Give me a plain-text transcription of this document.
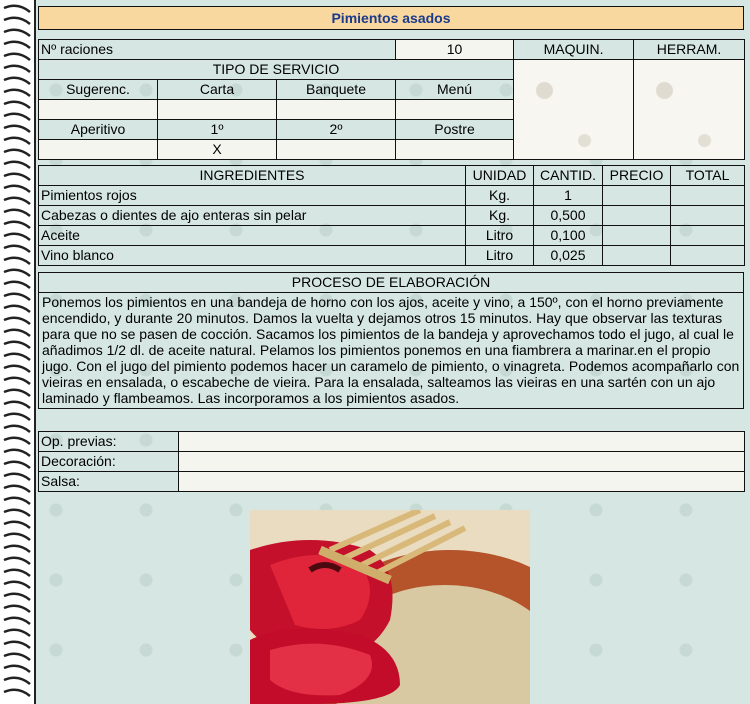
Pimientos asados
Nº raciones			10	MAQUIN.	HERRAM.
TIPO DE SERVICIO					
Sugerenc.	Carta	Banquete	Menú		

Aperitivo	1º	2º	Postre		
	X				
INGREDIENTES	UNIDAD	CANTID.	PRECIO	TOTAL
Pimientos rojos	Kg.	1		
Cabezas o dientes de ajo enteras sin pelar	Kg.	0,500		
Aceite	Litro	0,100		
Vino blanco	Litro	0,025		
PROCESO DE ELABORACIÓN
Ponemos los pimientos en una bandeja de horno con los ajos, aceite y vino, a 150º, con el horno previamente encendido, y durante 20 minutos. Damos la vuelta y dejamos otros 15 minutos. Hay que observar las texturas para que no se pasen de cocción. Sacamos los pimientos de la bandeja y aprovechamos todo el jugo, al cual le añadimos 1/2 dl. de aceite natural. Pelamos los pimientos ponemos en una fiambrera a marinar.en el propio jugo. Con el jugo del pimiento podemos hacer un caramelo de pimiento, o vinagreta. Podemos acompañarlo con vieiras en ensalada, o escabeche de vieira. Para la ensalada, salteamos las vieiras en una sartén con un ajo laminado y flambeamos. Las incorporamos a los pimientos asados.
Op. previas:	
Decoración:	
Salsa:	
